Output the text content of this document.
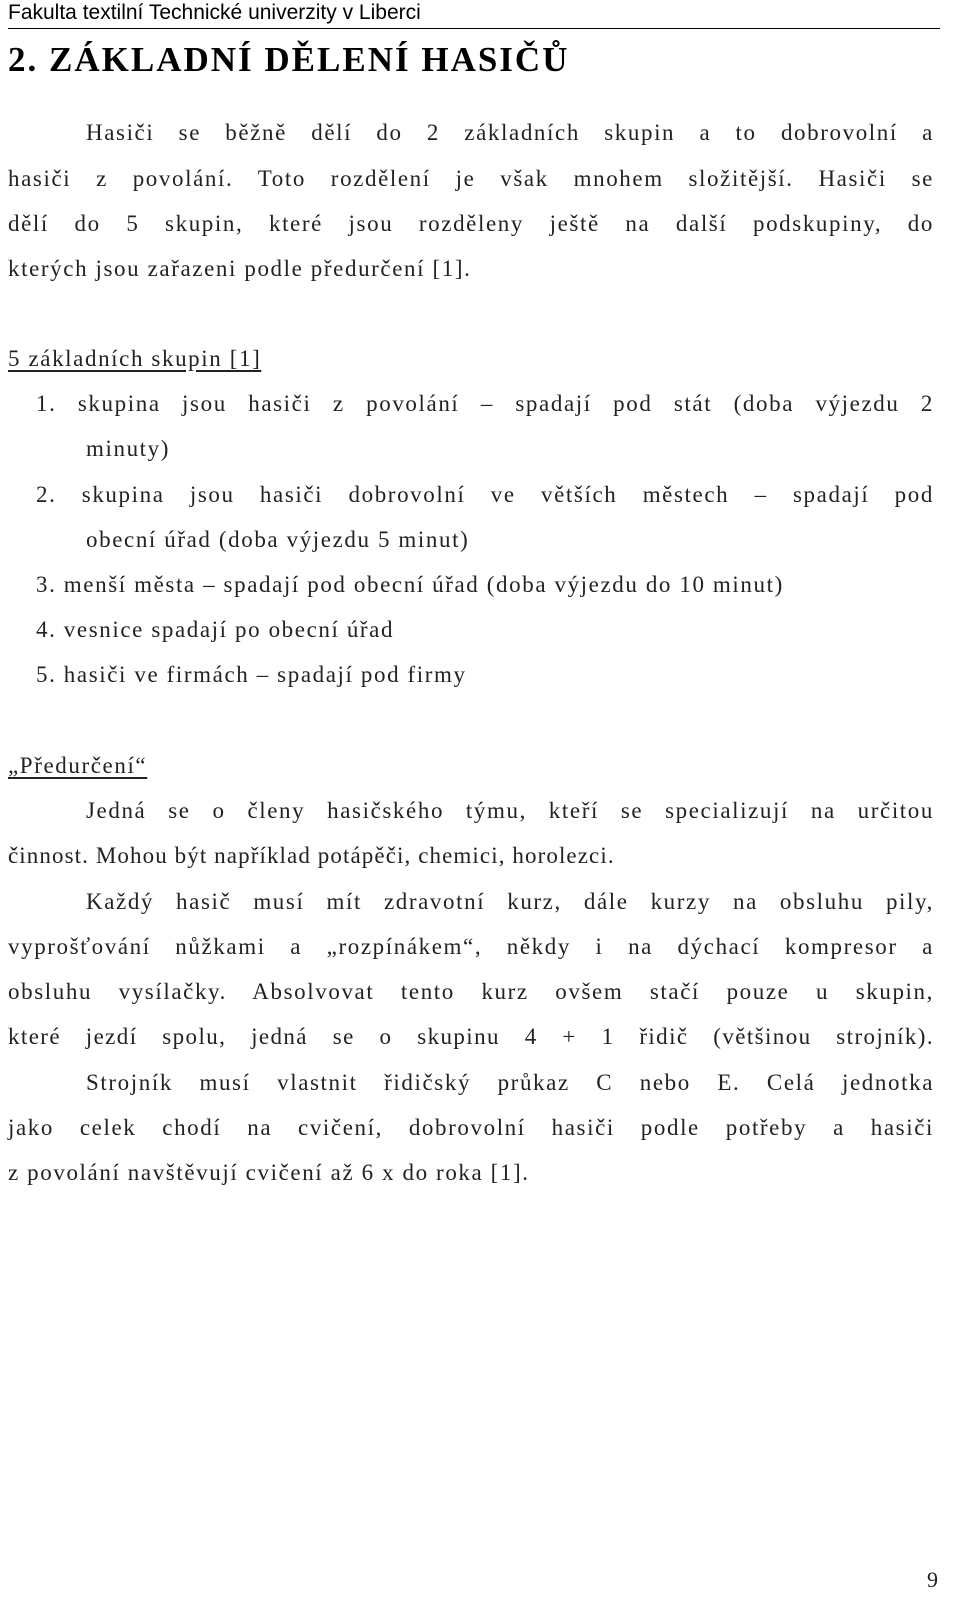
Fakulta textilní Technické univerzity v Liberci
2. ZÁKLADNÍ DĚLENÍ HASIČŮ
Hasiči se běžně dělí do 2 základních skupin a to dobrovolní a
hasiči z povolání. Toto rozdělení je však mnohem složitější. Hasiči se
dělí do 5 skupin, které jsou rozděleny ještě na další podskupiny, do
kterých jsou zařazeni podle předurčení [1].
5 základních skupin [1]
1. skupina jsou hasiči z povolání – spadají pod stát (doba výjezdu 2
minuty)
2. skupina jsou hasiči dobrovolní ve větších městech – spadají pod
obecní úřad (doba výjezdu 5 minut)
3. menší města – spadají pod obecní úřad (doba výjezdu do 10 minut)
4. vesnice spadají po obecní úřad
5. hasiči ve firmách – spadají pod firmy
„Předurčení“
Jedná se o členy hasičského týmu, kteří se specializují na určitou
činnost. Mohou být například potápěči, chemici, horolezci.
Každý hasič musí mít zdravotní kurz, dále kurzy na obsluhu pily,
vyprošťování nůžkami a „rozpínákem“, někdy i na dýchací kompresor a
obsluhu vysílačky. Absolvovat tento kurz ovšem stačí pouze u skupin,
které jezdí spolu, jedná se o skupinu 4 + 1 řidič (většinou strojník).
Strojník musí vlastnit řidičský průkaz C nebo E. Celá jednotka
jako celek chodí na cvičení, dobrovolní hasiči podle potřeby a hasiči
z povolání navštěvují cvičení až 6 x do roka [1].
9
